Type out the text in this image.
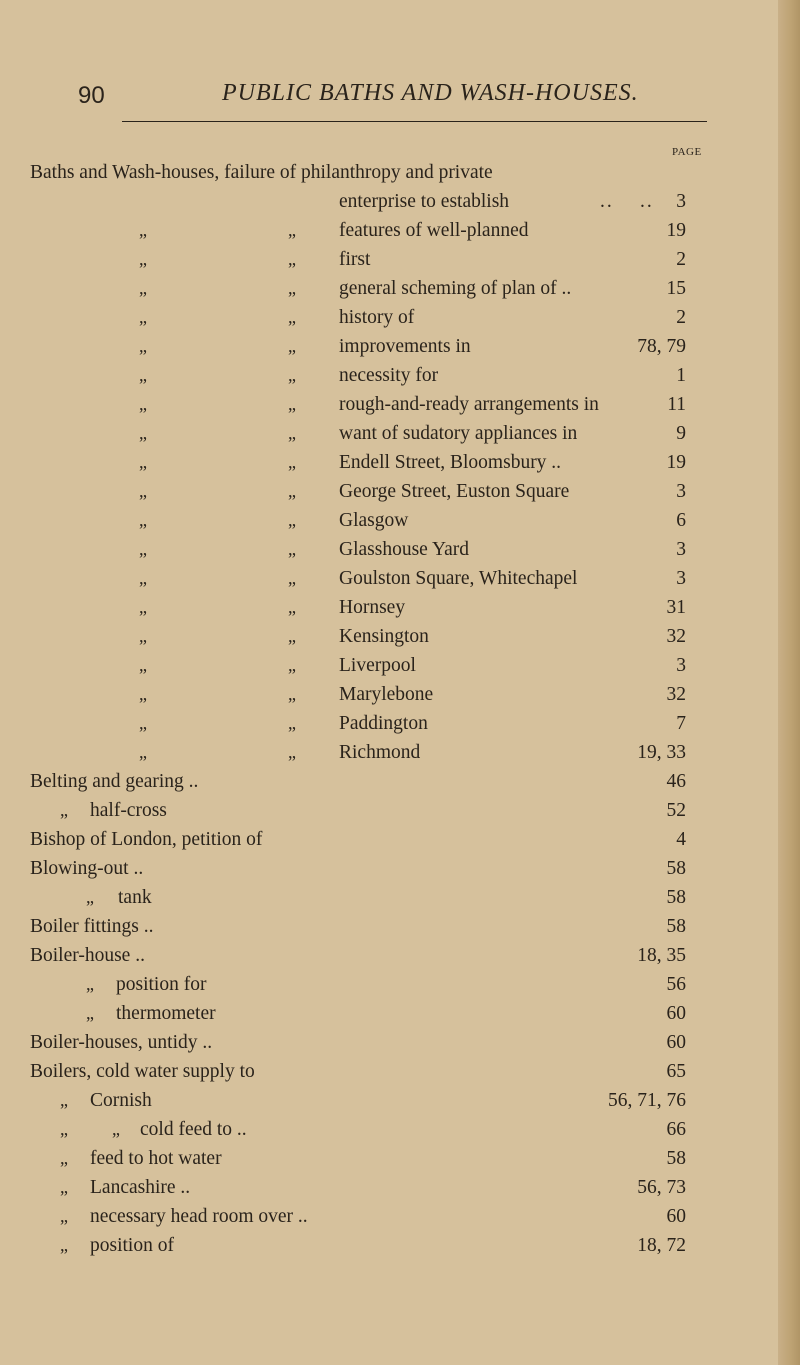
90	PUBLIC BATHS AND WASH-HOUSES.
PAGE
Baths and Wash-houses, failure of philanthropy and private
enterprise to establish	.. ..	3
„	„ features of well-planned	19
„	„ first	2
„	„ general scheming of plan of ..	15
„	„ history of	2
„	„ improvements in	78, 79
„	„ necessity for	1
„	„ rough-and-ready arrangements in	11
„	„ want of sudatory appliances in	9
„	„ Endell Street, Bloomsbury ..	19
„	„ George Street, Euston Square	3
„	„ Glasgow	6
„	„ Glasshouse Yard	3
„	„ Goulston Square, Whitechapel	3
„	„ Hornsey	31
„	„ Kensington	32
„	„ Liverpool	3
„	„ Marylebone	32
„	„ Paddington	7
„	„ Richmond	19, 33
Belting and gearing ..	46
„ half-cross	52
Bishop of London, petition of	4
Blowing-out ..	58
„ tank	58
Boiler fittings ..	58
Boiler-house ..	18, 35
„ position for	56
„ thermometer	60
Boiler-houses, untidy ..	60
Boilers, cold water supply to	65
„ Cornish	56, 71, 76
„ „ cold feed to ..	66
„ feed to hot water	58
„ Lancashire ..	56, 73
„ necessary head room over ..	60
„ position of	18, 72
